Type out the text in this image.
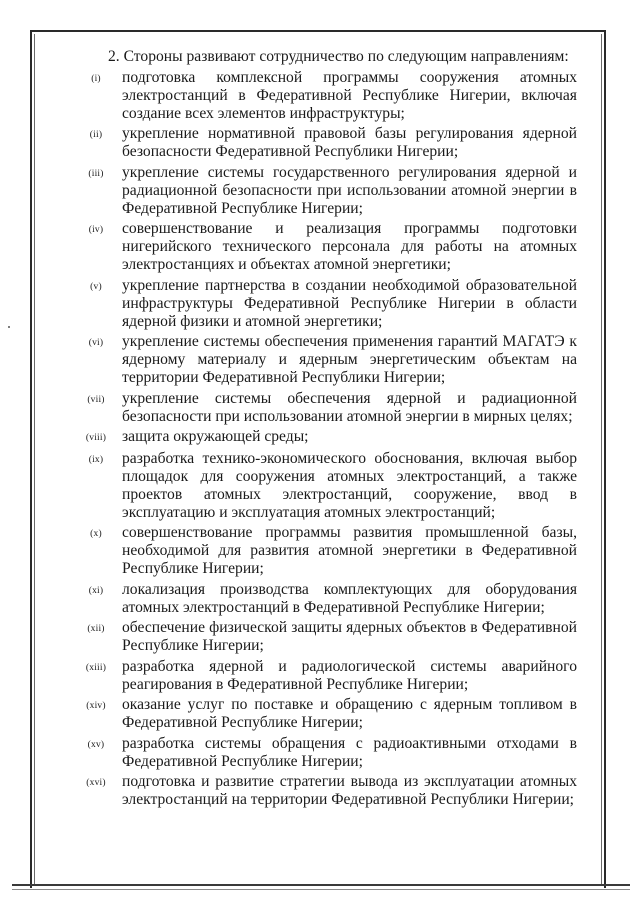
2. Стороны развивают сотрудничество по следующим направлениям:

(i)	подготовка комплексной программы сооружения атомных электростанций в Федеративной Республике Нигерии, включая создание всех элементов инфраструктуры;
(ii)	укрепление нормативной правовой базы регулирования ядерной безопасности Федеративной Республики Нигерии;
(iii)	укрепление системы государственного регулирования ядерной и радиационной безопасности при использовании атомной энергии в Федеративной Республике Нигерии;
(iv)	совершенствование и реализация программы подготовки нигерийского технического персонала для работы на атомных электростанциях и объектах атомной энергетики;
(v)	укрепление партнерства в создании необходимой образовательной инфраструктуры Федеративной Республике Нигерии в области ядерной физики и атомной энергетики;
(vi)	укрепление системы обеспечения применения гарантий МАГАТЭ к ядерному материалу и ядерным энергетическим объектам на территории Федеративной Республики Нигерии;
(vii)	укрепление системы обеспечения ядерной и радиационной безопасности при использовании атомной энергии в мирных целях;
(viii)	защита окружающей среды;
(ix)	разработка технико-экономического обоснования, включая выбор площадок для сооружения атомных электростанций, а также проектов атомных электростанций, сооружение, ввод в эксплуатацию и эксплуатация атомных электростанций;
(x)	совершенствование программы развития промышленной базы, необходимой для развития атомной энергетики в Федеративной Республике Нигерии;
(xi)	локализация производства комплектующих для оборудования атомных электростанций в Федеративной Республике Нигерии;
(xii)	обеспечение физической защиты ядерных объектов в Федеративной Республике Нигерии;
(xiii)	разработка ядерной и радиологической системы аварийного реагирования в Федеративной Республике Нигерии;
(xiv)	оказание услуг по поставке и обращению с ядерным топливом в Федеративной Республике Нигерии;
(xv)	разработка системы обращения с радиоактивными отходами в Федеративной Республике Нигерии;
(xvi)	подготовка и развитие стратегии вывода из эксплуатации атомных электростанций на территории Федеративной Республики Нигерии;
